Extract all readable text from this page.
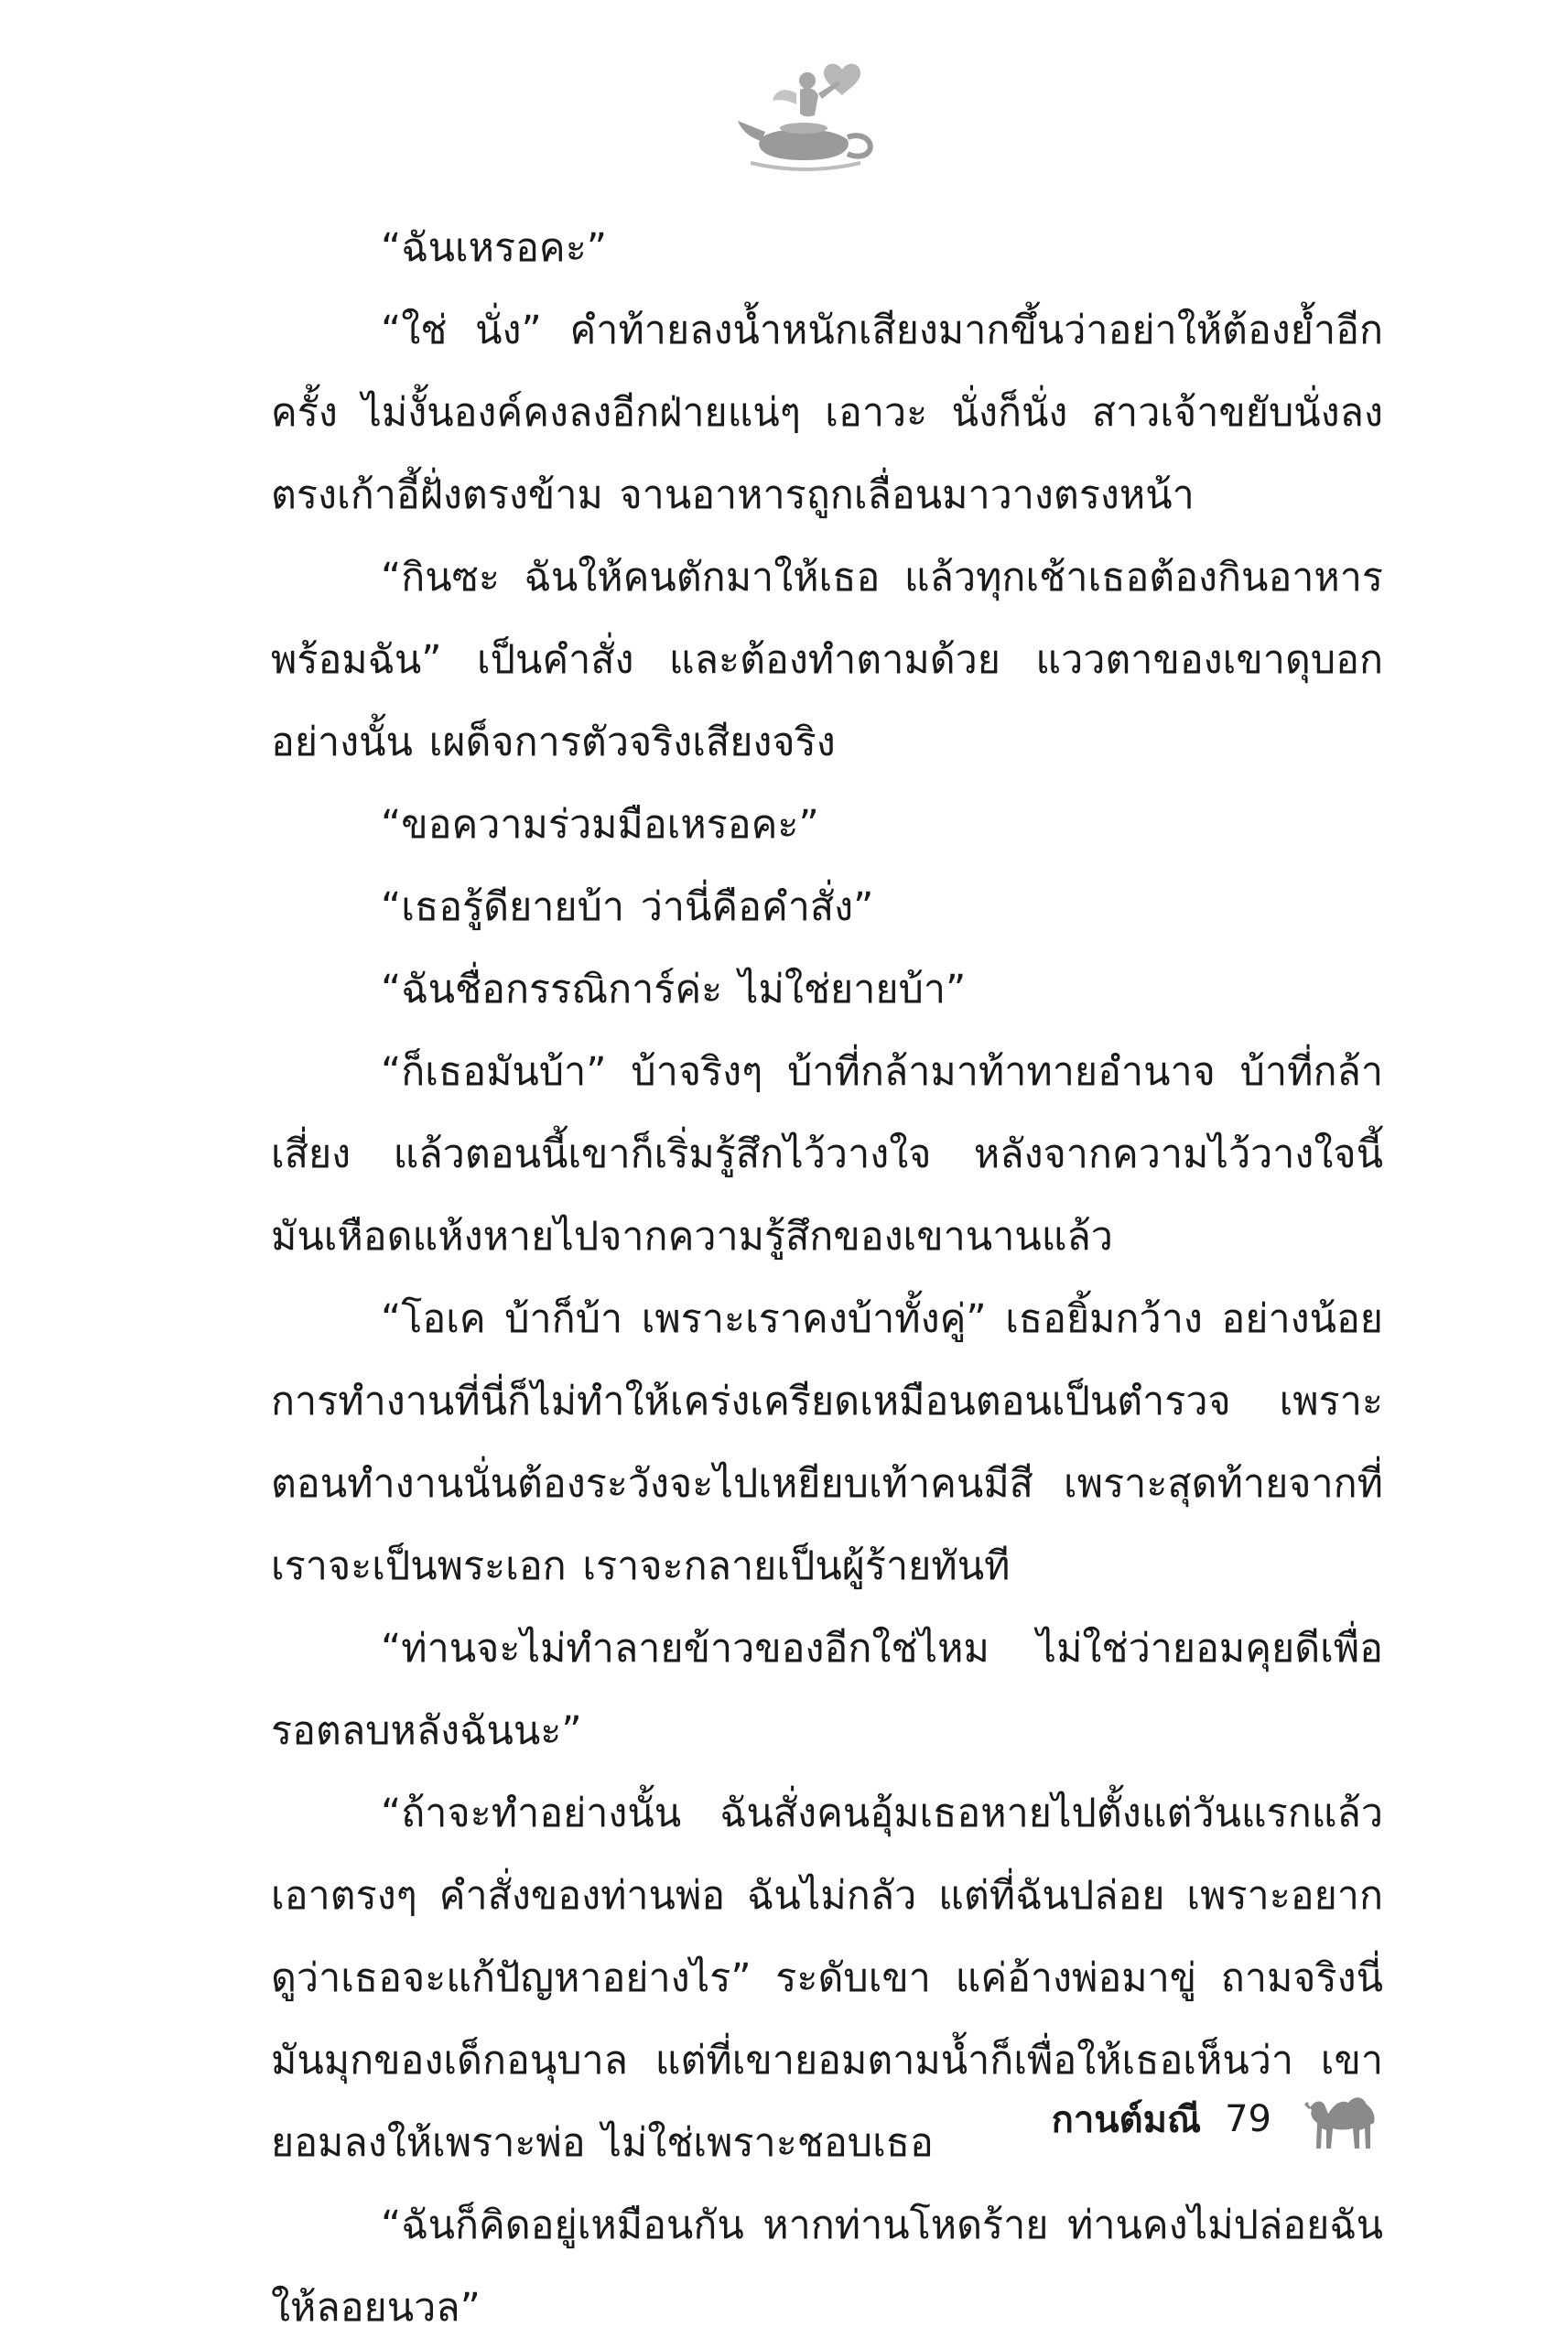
“ฉันเหรอคะ”

“ใช่ นั่ง” คำท้ายลงน้ำหนักเสียงมากขึ้นว่าอย่าให้ต้องย้ำอีกครั้ง ไม่งั้นองค์คงลงอีกฝ่ายแน่ๆ เอาวะ นั่งก็นั่ง สาวเจ้าขยับนั่งลงตรงเก้าอี้ฝั่งตรงข้าม จานอาหารถูกเลื่อนมาวางตรงหน้า

“กินซะ ฉันให้คนตักมาให้เธอ แล้วทุกเช้าเธอต้องกินอาหารพร้อมฉัน” เป็นคำสั่ง และต้องทำตามด้วย แววตาของเขาดุบอกอย่างนั้น เผด็จการตัวจริงเสียงจริง

“ขอความร่วมมือเหรอคะ”

“เธอรู้ดียายบ้า ว่านี่คือคำสั่ง”

“ฉันชื่อกรรณิการ์ค่ะ ไม่ใช่ยายบ้า”

“ก็เธอมันบ้า” บ้าจริงๆ บ้าที่กล้ามาท้าทายอำนาจ บ้าที่กล้าเสี่ยง แล้วตอนนี้เขาก็เริ่มรู้สึกไว้วางใจ หลังจากความไว้วางใจนี้มันเหือดแห้งหายไปจากความรู้สึกของเขานานแล้ว

“โอเค บ้าก็บ้า เพราะเราคงบ้าทั้งคู่” เธอยิ้มกว้าง อย่างน้อยการทำงานที่นี่ก็ไม่ทำให้เคร่งเครียดเหมือนตอนเป็นตำรวจ เพราะตอนทำงานนั่นต้องระวังจะไปเหยียบเท้าคนมีสี เพราะสุดท้ายจากที่เราจะเป็นพระเอก เราจะกลายเป็นผู้ร้ายทันที

“ท่านจะไม่ทำลายข้าวของอีกใช่ไหม ไม่ใช่ว่ายอมคุยดีเพื่อรอตลบหลังฉันนะ”

“ถ้าจะทำอย่างนั้น ฉันสั่งคนอุ้มเธอหายไปตั้งแต่วันแรกแล้ว เอาตรงๆ คำสั่งของท่านพ่อ ฉันไม่กลัว แต่ที่ฉันปล่อย เพราะอยากดูว่าเธอจะแก้ปัญหาอย่างไร” ระดับเขา แค่อ้างพ่อมาขู่ ถามจริงนี่มันมุกของเด็กอนุบาล แต่ที่เขายอมตามน้ำก็เพื่อให้เธอเห็นว่า เขายอมลงให้เพราะพ่อ ไม่ใช่เพราะชอบเธอ

“ฉันก็คิดอยู่เหมือนกัน หากท่านโหดร้าย ท่านคงไม่ปล่อยฉันให้ลอยนวล”

กานต์มณี 79
